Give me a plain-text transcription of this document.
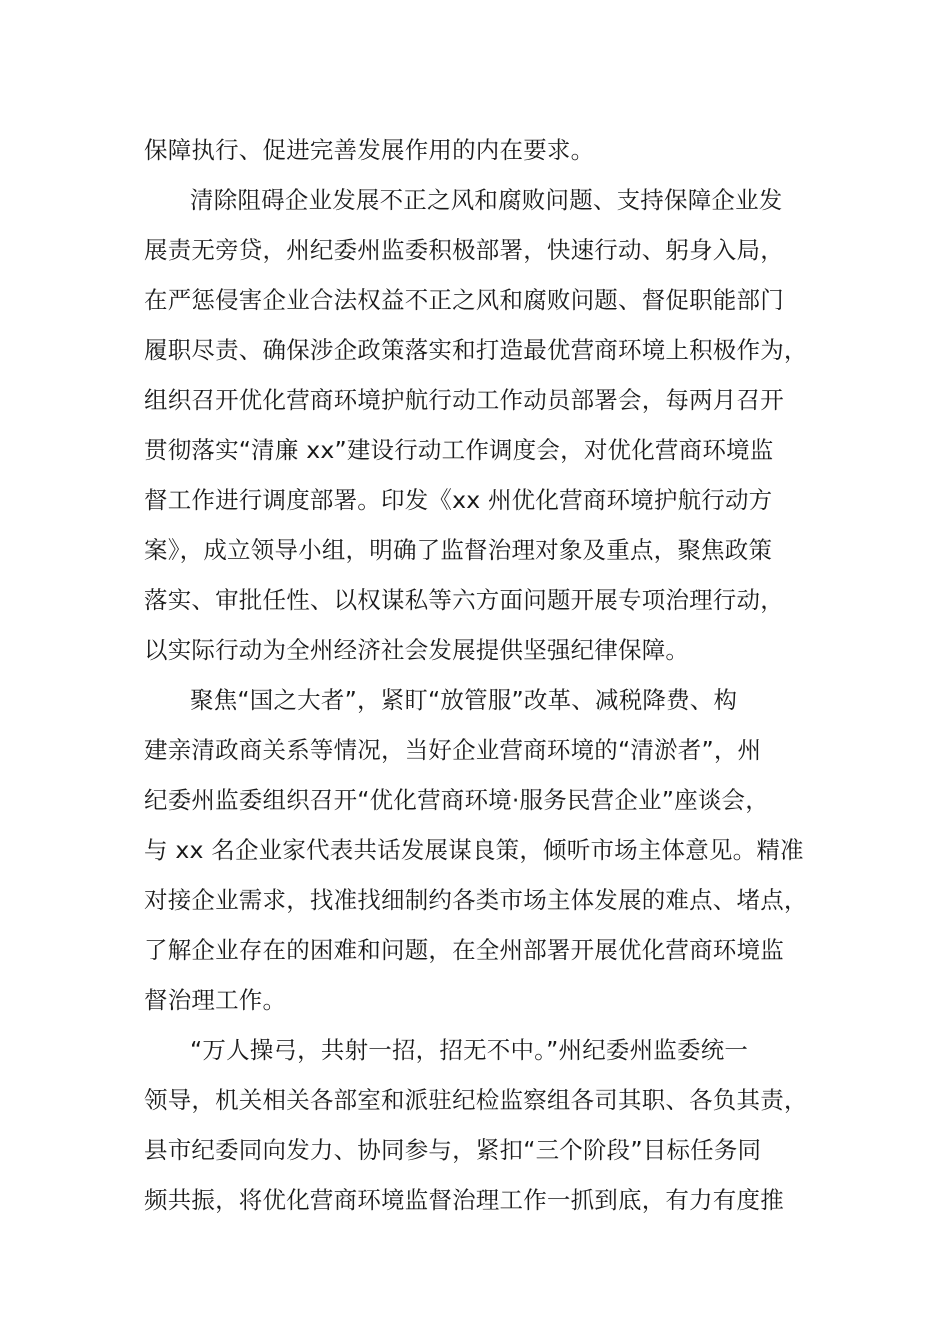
保障执行、促进完善发展作用的内在要求。
清除阻碍企业发展不正之风和腐败问题、支持保障企业发
展责无旁贷，州纪委州监委积极部署，快速行动、躬身入局，
在严惩侵害企业合法权益不正之风和腐败问题、督促职能部门
履职尽责、确保涉企政策落实和打造最优营商环境上积极作为，
组织召开优化营商环境护航行动工作动员部署会，每两月召开
贯彻落实“清廉 xx”建设行动工作调度会，对优化营商环境监
督工作进行调度部署。印发《xx 州优化营商环境护航行动方
案》，成立领导小组，明确了监督治理对象及重点，聚焦政策
落实、审批任性、以权谋私等六方面问题开展专项治理行动，
以实际行动为全州经济社会发展提供坚强纪律保障。
聚焦“国之大者”，紧盯“放管服”改革、减税降费、构
建亲清政商关系等情况，当好企业营商环境的“清淤者”，州
纪委州监委组织召开“优化营商环境·服务民营企业”座谈会，
与 xx 名企业家代表共话发展谋良策，倾听市场主体意见。精准
对接企业需求，找准找细制约各类市场主体发展的难点、堵点，
了解企业存在的困难和问题，在全州部署开展优化营商环境监
督治理工作。
“万人操弓，共射一招，招无不中。”州纪委州监委统一
领导，机关相关各部室和派驻纪检监察组各司其职、各负其责，
县市纪委同向发力、协同参与，紧扣“三个阶段”目标任务同
频共振，将优化营商环境监督治理工作一抓到底，有力有度推
